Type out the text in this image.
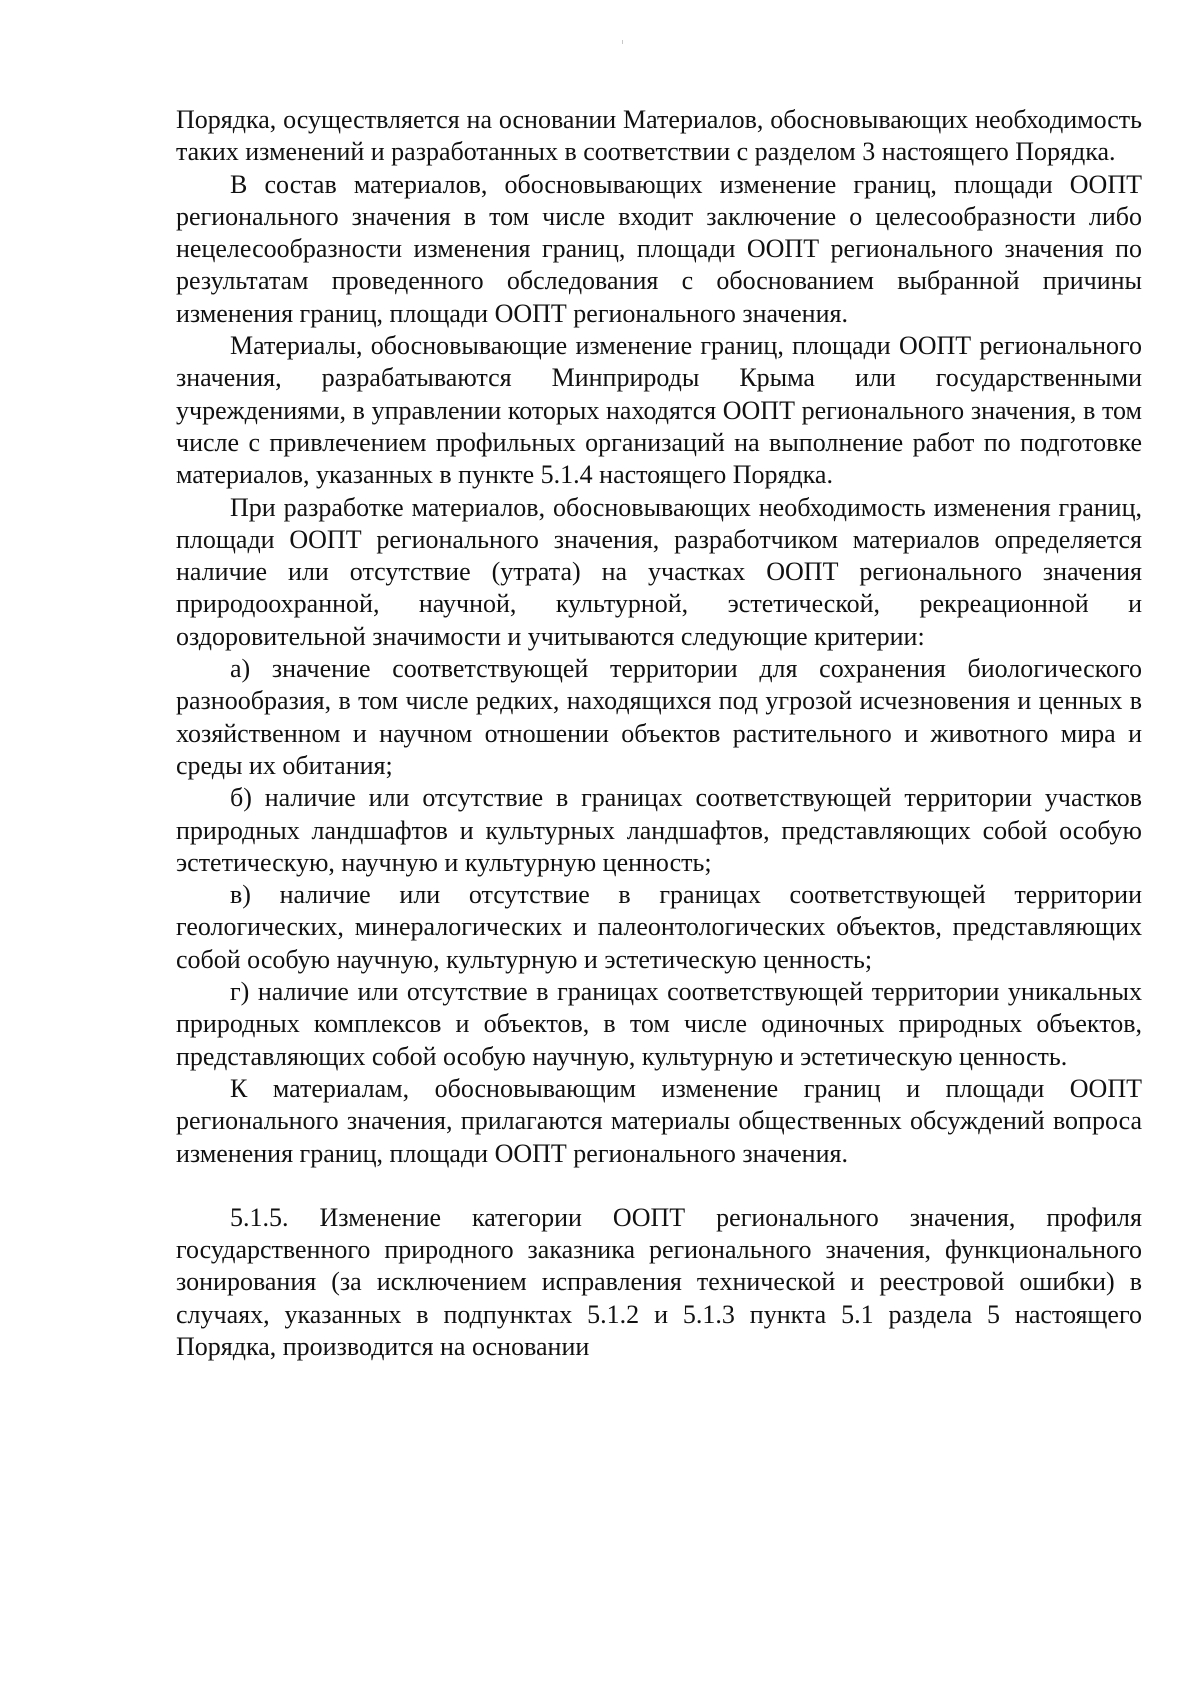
Порядка, осуществляется на основании Материалов, обосновывающих необходимость таких изменений и разработанных в соответствии с разделом 3 настоящего Порядка.

В состав материалов, обосновывающих изменение границ, площади ООПТ регионального значения в том числе входит заключение о целесообразности либо нецелесообразности изменения границ, площади ООПТ регионального значения по результатам проведенного обследования с обоснованием выбранной причины изменения границ, площади ООПТ регионального значения.

Материалы, обосновывающие изменение границ, площади ООПТ регионального значения, разрабатываются Минприроды Крыма или государственными учреждениями, в управлении которых находятся ООПТ регионального значения, в том числе с привлечением профильных организаций на выполнение работ по подготовке материалов, указанных в пункте 5.1.4 настоящего Порядка.

При разработке материалов, обосновывающих необходимость изменения границ, площади ООПТ регионального значения, разработчиком материалов определяется наличие или отсутствие (утрата) на участках ООПТ регионального значения природоохранной, научной, культурной, эстетической, рекреационной и оздоровительной значимости и учитываются следующие критерии:

а) значение соответствующей территории для сохранения биологического разнообразия, в том числе редких, находящихся под угрозой исчезновения и ценных в хозяйственном и научном отношении объектов растительного и животного мира и среды их обитания;

б) наличие или отсутствие в границах соответствующей территории участков природных ландшафтов и культурных ландшафтов, представляющих собой особую эстетическую, научную и культурную ценность;

в) наличие или отсутствие в границах соответствующей территории геологических, минералогических и палеонтологических объектов, представляющих собой особую научную, культурную и эстетическую ценность;

г) наличие или отсутствие в границах соответствующей территории уникальных природных комплексов и объектов, в том числе одиночных природных объектов, представляющих собой особую научную, культурную и эстетическую ценность.

К материалам, обосновывающим изменение границ и площади ООПТ регионального значения, прилагаются материалы общественных обсуждений вопроса изменения границ, площади ООПТ регионального значения.

5.1.5. Изменение категории ООПТ регионального значения, профиля государственного природного заказника регионального значения, функционального зонирования (за исключением исправления технической и реестровой ошибки) в случаях, указанных в подпунктах 5.1.2 и 5.1.3 пункта 5.1 раздела 5 настоящего Порядка, производится на основании
